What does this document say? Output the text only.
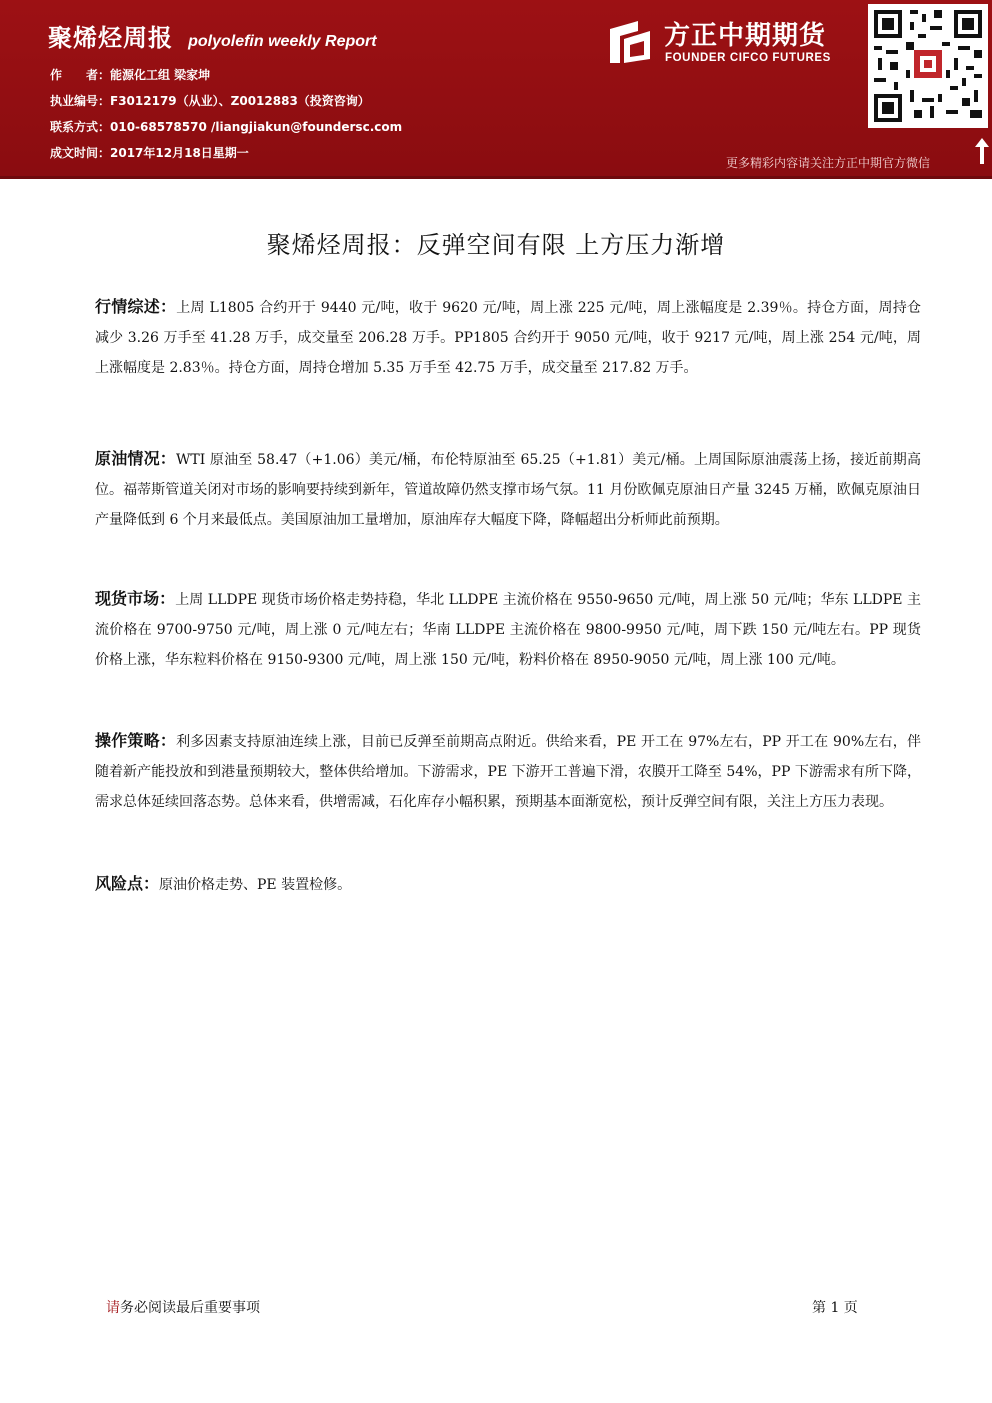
聚烯烃周报 polyolefin weekly Report
作　　者：能源化工组 梁家坤
执业编号：F3012179（从业）、Z0012883（投资咨询）
联系方式：010-68578570 /liangjiakun@foundersc.com
成文时间：2017年12月18日星期一
方正中期期货
FOUNDER CIFCO FUTURES
更多精彩内容请关注方正中期官方微信
聚烯烃周报：反弹空间有限 上方压力渐增
行情综述：上周 L1805 合约开于 9440 元/吨，收于 9620 元/吨，周上涨 225 元/吨，周上涨幅度是 2.39％。持仓方面，周持仓减少 3.26 万手至 41.28 万手，成交量至 206.28 万手。PP1805 合约开于 9050 元/吨，收于 9217 元/吨，周上涨 254 元/吨，周上涨幅度是 2.83％。持仓方面，周持仓增加 5.35 万手至 42.75 万手，成交量至 217.82 万手。
原油情况：WTI 原油至 58.47（+1.06）美元/桶，布伦特原油至 65.25（+1.81）美元/桶。上周国际原油震荡上扬，接近前期高位。福蒂斯管道关闭对市场的影响要持续到新年，管道故障仍然支撑市场气氛。11 月份欧佩克原油日产量 3245 万桶，欧佩克原油日产量降低到 6 个月来最低点。美国原油加工量增加，原油库存大幅度下降，降幅超出分析师此前预期。
现货市场：上周 LLDPE 现货市场价格走势持稳，华北 LLDPE 主流价格在 9550-9650 元/吨，周上涨 50 元/吨；华东 LLDPE 主流价格在 9700-9750 元/吨，周上涨 0 元/吨左右；华南 LLDPE 主流价格在 9800-9950 元/吨，周下跌 150 元/吨左右。PP 现货价格上涨，华东粒料价格在 9150-9300 元/吨，周上涨 150 元/吨，粉料价格在 8950-9050 元/吨，周上涨 100 元/吨。
操作策略：利多因素支持原油连续上涨，目前已反弹至前期高点附近。供给来看，PE 开工在 97%左右，PP 开工在 90%左右，伴随着新产能投放和到港量预期较大，整体供给增加。下游需求，PE 下游开工普遍下滑，农膜开工降至 54%，PP 下游需求有所下降，需求总体延续回落态势。总体来看，供增需减，石化库存小幅积累，预期基本面渐宽松，预计反弹空间有限，关注上方压力表现。
风险点：原油价格走势、PE 装置检修。
请务必阅读最后重要事项	第 1 页
